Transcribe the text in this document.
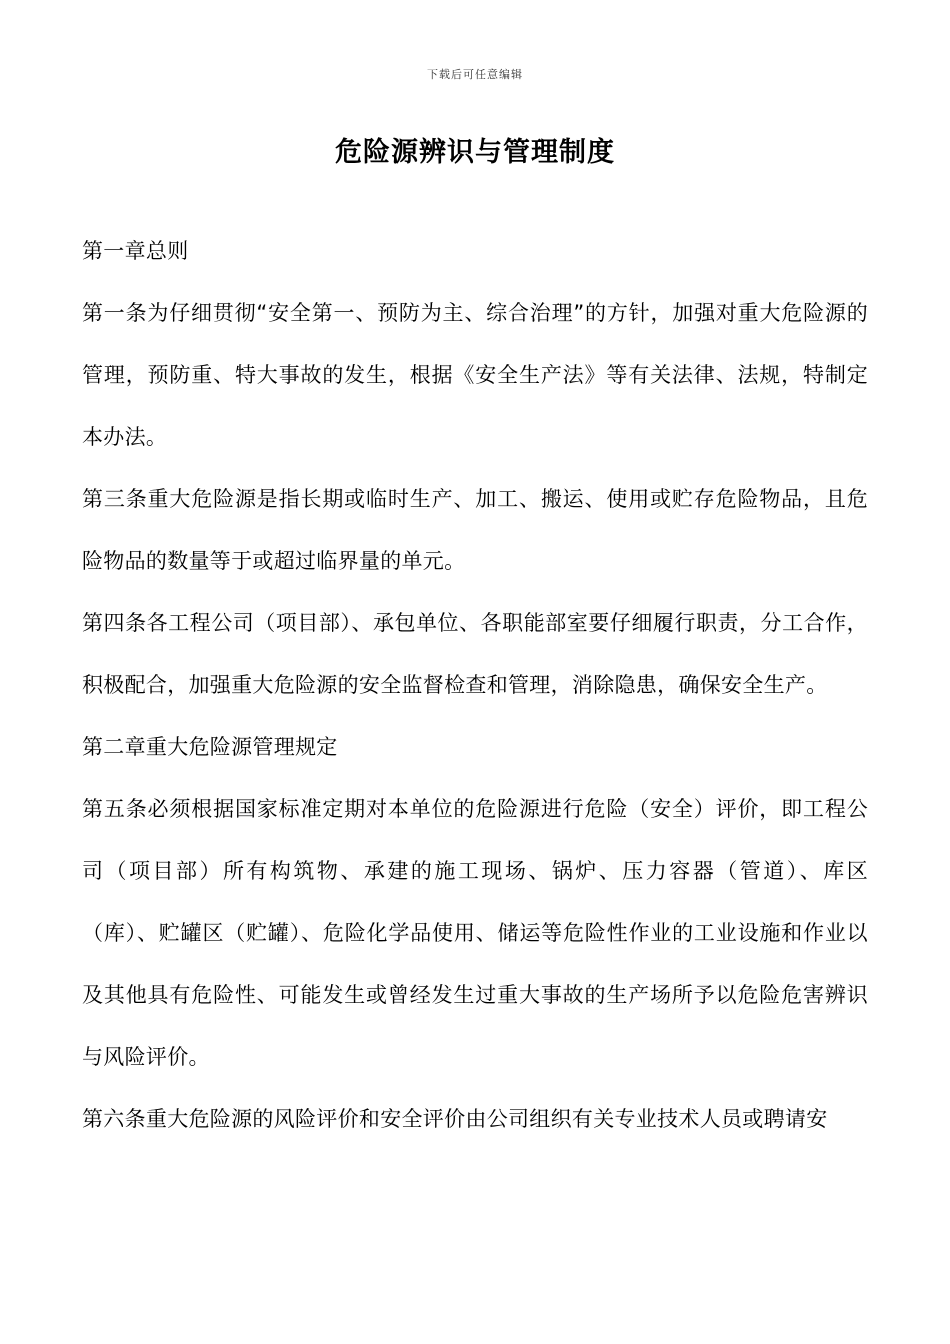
下载后可任意编辑
危险源辨识与管理制度

第一章总则

第一条为仔细贯彻“安全第一、预防为主、综合治理”的方针，加强对重大危险源的管理，预防重、特大事故的发生，根据《安全生产法》等有关法律、法规，特制定本办法。

第三条重大危险源是指长期或临时生产、加工、搬运、使用或贮存危险物品，且危险物品的数量等于或超过临界量的单元。

第四条各工程公司（项目部）、承包单位、各职能部室要仔细履行职责，分工合作，积极配合，加强重大危险源的安全监督检查和管理，消除隐患，确保安全生产。

第二章重大危险源管理规定

第五条必须根据国家标准定期对本单位的危险源进行危险（安全）评价，即工程公司（项目部）所有构筑物、承建的施工现场、锅炉、压力容器（管道）、库区（库）、贮罐区（贮罐）、危险化学品使用、储运等危险性作业的工业设施和作业以及其他具有危险性、可能发生或曾经发生过重大事故的生产场所予以危险危害辨识与风险评价。

第六条重大危险源的风险评价和安全评价由公司组织有关专业技术人员或聘请安
